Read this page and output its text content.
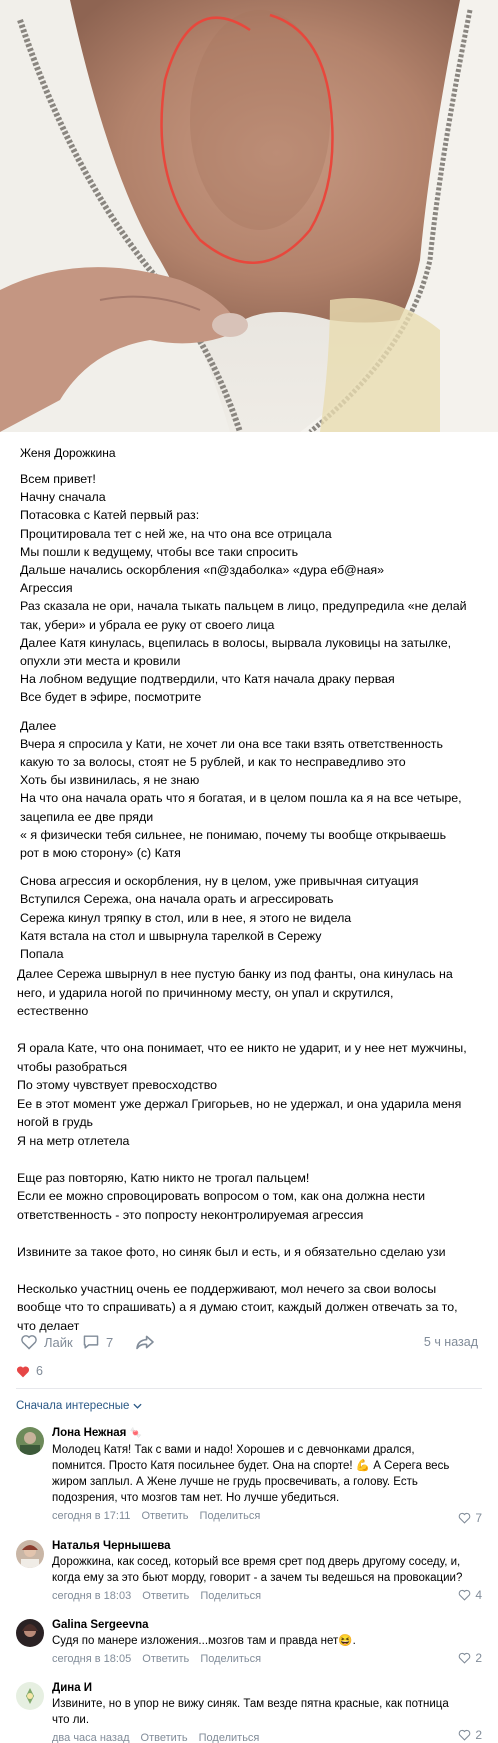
Женя Дорожкина
Всем привет!
Начну сначала
Потасовка с Катей первый раз:
Процитировала тет с ней же, на что она все отрицала
Мы пошли к ведущему, чтобы все таки спросить
Дальше начались оскорбления «п@здаболка» «дура еб@ная»
Агрессия
Раз сказала не ори, начала тыкать пальцем в лицо, предупредила «не делай
так, убери» и убрала ее руку от своего лица
Далее Катя кинулась, вцепилась в волосы, вырвала луковицы на затылке,
опухли эти места и кровили
На лобном ведущие подтвердили, что Катя начала драку первая
Все будет в эфире, посмотрите
Далее
Вчера я спросила у Кати, не хочет ли она все таки взять ответственность
какую то за волосы, стоят не 5 рублей, и как то несправедливо это
Хоть бы извинилась, я не знаю
На что она начала орать что я богатая, и в целом пошла ка я на все четыре,
зацепила ее две пряди
« я физически тебя сильнее, не понимаю, почему ты вообще открываешь
рот в мою сторону» (с) Катя
Снова агрессия и оскорбления, ну в целом, уже привычная ситуация
Вступился Сережа, она начала орать и агрессировать
Сережа кинул тряпку в стол, или в нее, я этого не видела
Катя встала на стол и швырнула тарелкой в Сережу
Попала
Далее Сережа швырнул в нее пустую банку из под фанты, она кинулась на
него, и ударила ногой по причинному месту, он упал и скрутился,
естественно
Я орала Кате, что она понимает, что ее никто не ударит, и у нее нет мужчины,
чтобы разобраться
По этому чувствует превосходство
Ее в этот момент уже держал Григорьев, но не удержал, и она ударила меня
ногой в грудь
Я на метр отлетела
Еще раз повторяю, Катю никто не трогал пальцем!
Если ее можно спровоцировать вопросом о том, как она должна нести
ответственность - это попросту неконтролируемая агрессия
Извините за такое фото, но синяк был и есть, и я обязательно сделаю узи
Несколько участниц очень ее поддерживают, мол нечего за свои волосы
вообще что то спрашивать) а я думаю стоит, каждый должен отвечать за то,
что делает
Лайк	7	5 ч назад
6
Сначала интересные
Лона Нежная 🍬
Молодец Катя! Так с вами и надо! Хорошев и с девчонками дрался,
помнится. Просто Катя посильнее будет. Она на спорте! 💪 А Серега весь
жиром заплыл. А Жене лучше не грудь просвечивать, а голову. Есть
подозрения, что мозгов там нет. Но лучше убедиться.
сегодня в 17:11 Ответить Поделиться	7
Наталья Чернышева
Дорожкина, как сосед, который все время срет под дверь другому соседу, и,
когда ему за это бьют морду, говорит - а зачем ты ведешься на провокации?
сегодня в 18:03 Ответить Поделиться	4
Galina Sergeevna
Судя по манере изложения...мозгов там и правда нет😆.
сегодня в 18:05 Ответить Поделиться	2
Дина И
Извините, но в упор не вижу синяк. Там везде пятна красные, как потница
что ли.
два часа назад Ответить Поделиться	2
